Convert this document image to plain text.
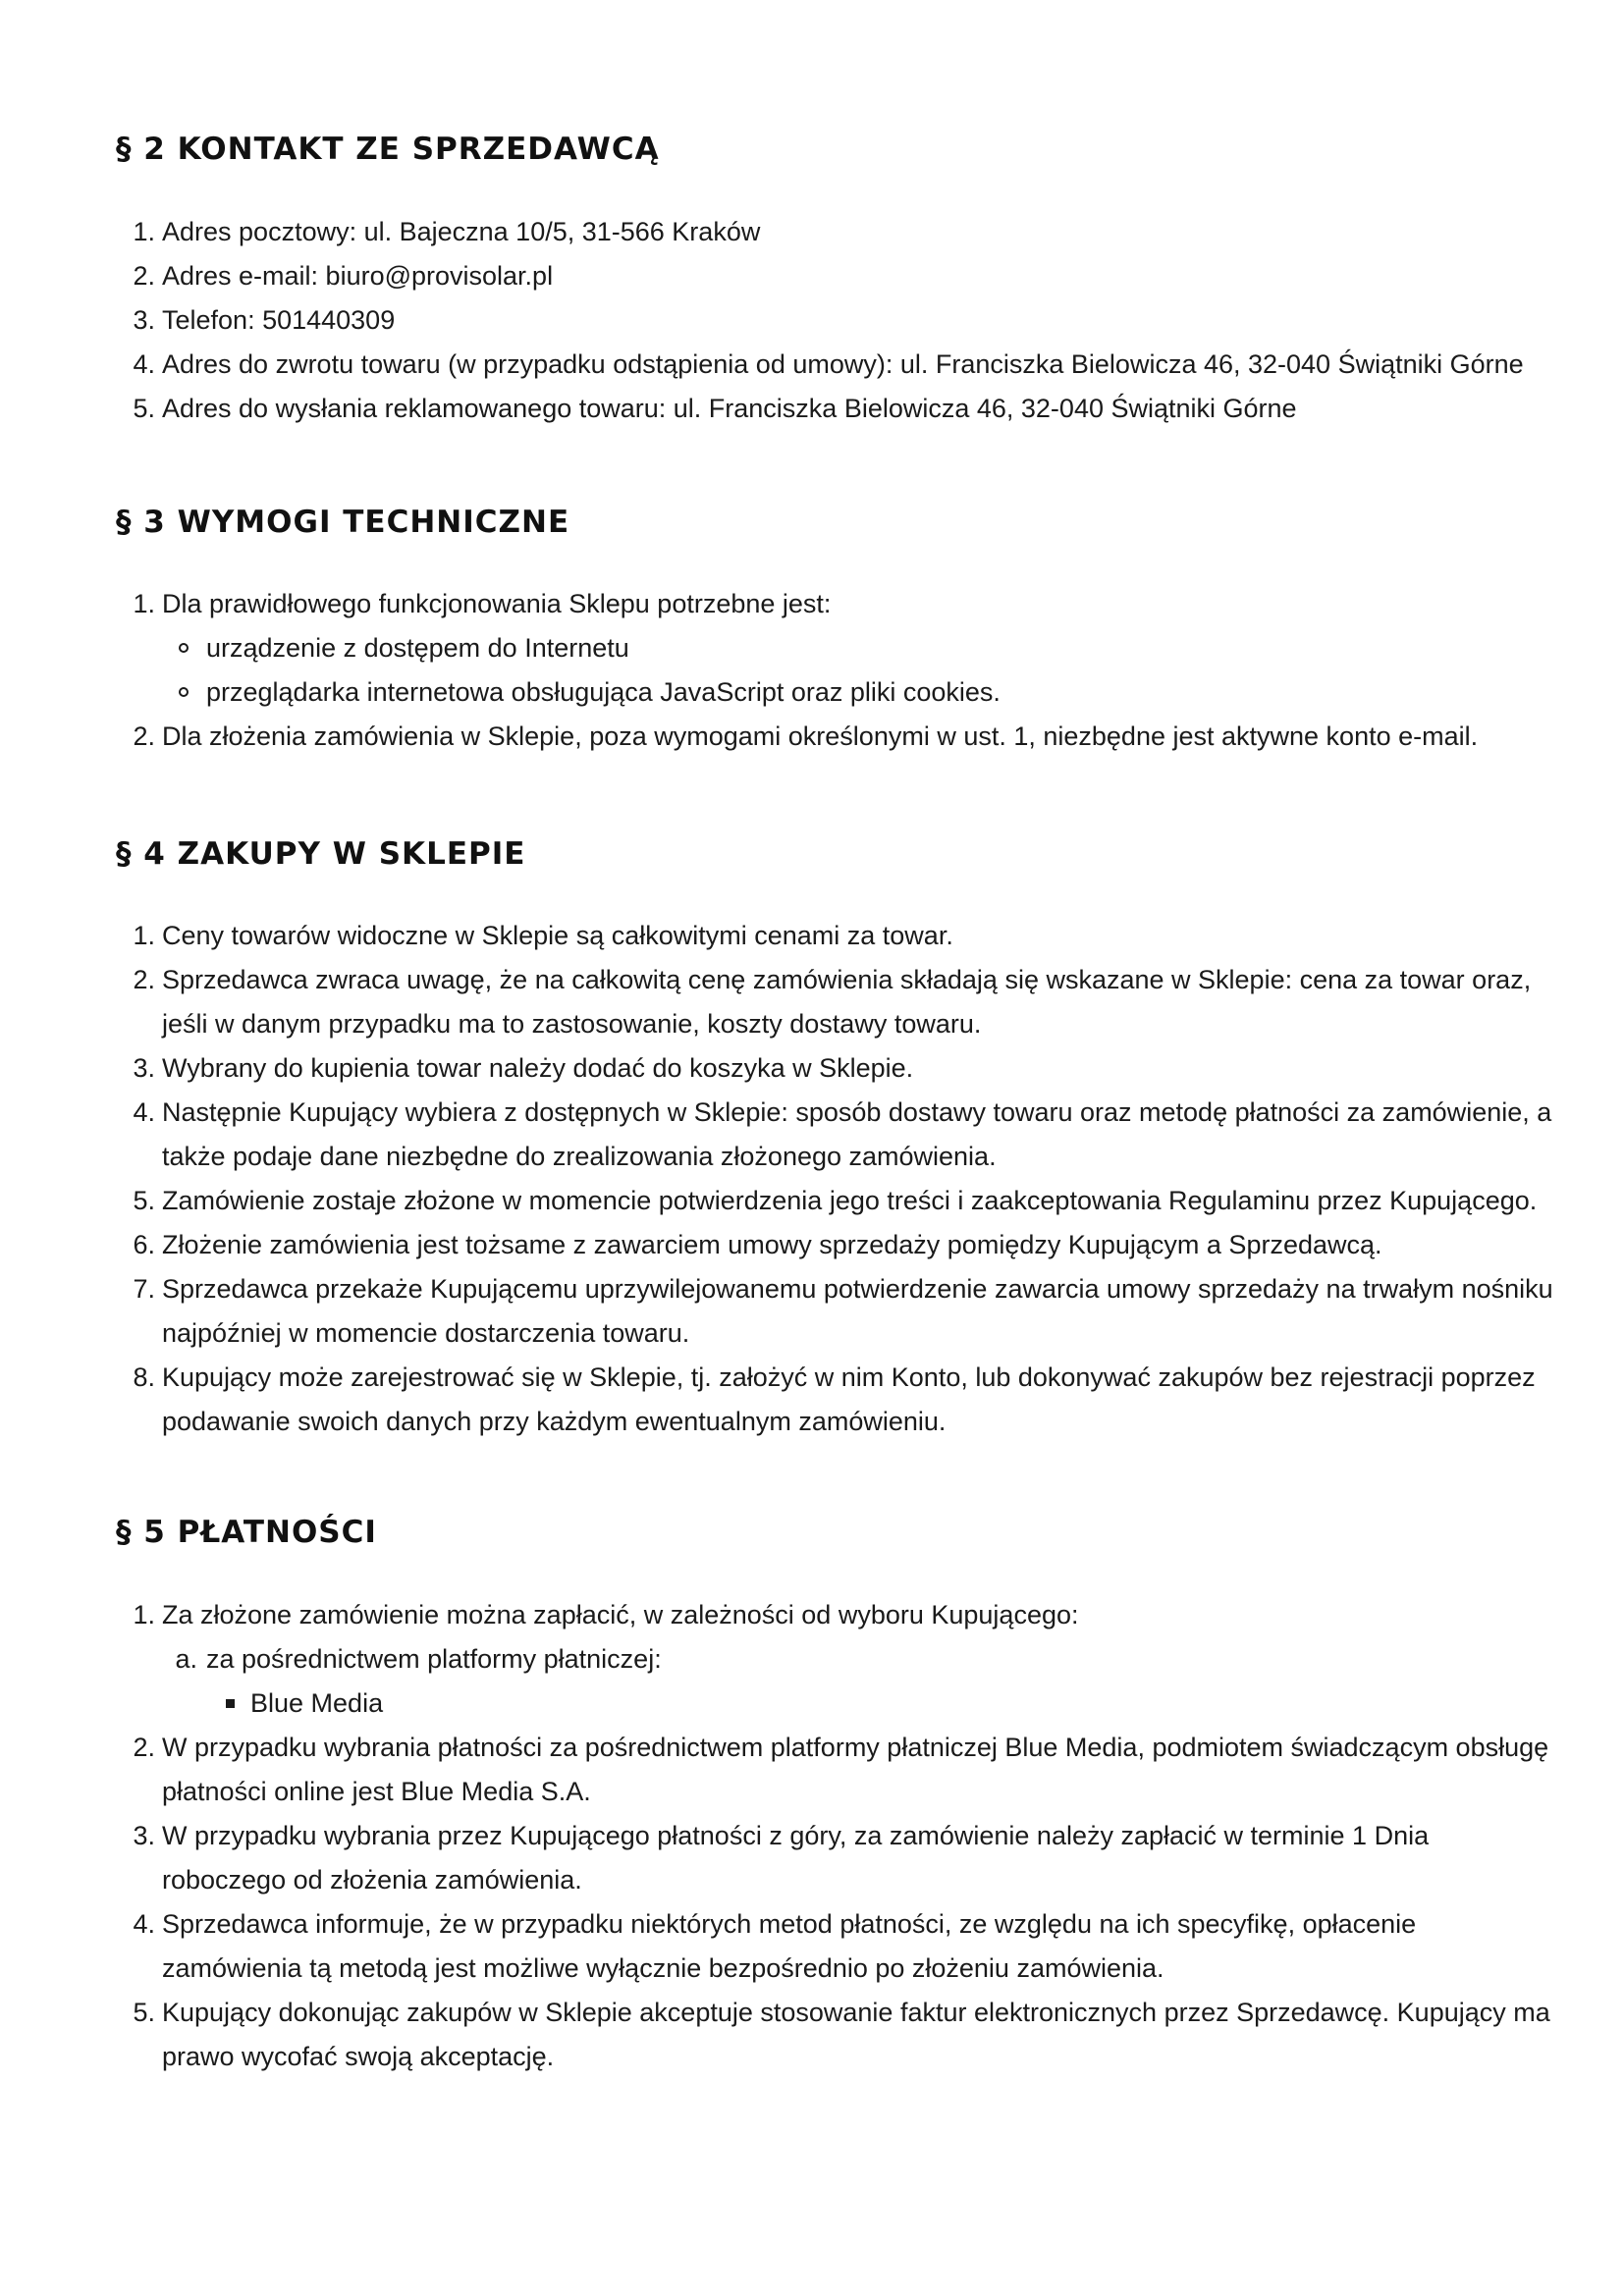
§ 2 KONTAKT ZE SPRZEDAWCĄ
1. Adres pocztowy: ul. Bajeczna 10/5, 31-566 Kraków
2. Adres e-mail: biuro@provisolar.pl
3. Telefon: 501440309
4. Adres do zwrotu towaru (w przypadku odstąpienia od umowy): ul. Franciszka Bielowicza 46, 32-040 Świątniki Górne
5. Adres do wysłania reklamowanego towaru: ul. Franciszka Bielowicza 46, 32-040 Świątniki Górne
§ 3 WYMOGI TECHNICZNE
1. Dla prawidłowego funkcjonowania Sklepu potrzebne jest:
urządzenie z dostępem do Internetu
przeglądarka internetowa obsługująca JavaScript oraz pliki cookies.
2. Dla złożenia zamówienia w Sklepie, poza wymogami określonymi w ust. 1, niezbędne jest aktywne konto e-mail.
§ 4 ZAKUPY W SKLEPIE
1. Ceny towarów widoczne w Sklepie są całkowitymi cenami za towar.
2. Sprzedawca zwraca uwagę, że na całkowitą cenę zamówienia składają się wskazane w Sklepie: cena za towar oraz, jeśli w danym przypadku ma to zastosowanie, koszty dostawy towaru.
3. Wybrany do kupienia towar należy dodać do koszyka w Sklepie.
4. Następnie Kupujący wybiera z dostępnych w Sklepie: sposób dostawy towaru oraz metodę płatności za zamówienie, a także podaje dane niezbędne do zrealizowania złożonego zamówienia.
5. Zamówienie zostaje złożone w momencie potwierdzenia jego treści i zaakceptowania Regulaminu przez Kupującego.
6. Złożenie zamówienia jest tożsame z zawarciem umowy sprzedaży pomiędzy Kupującym a Sprzedawcą.
7. Sprzedawca przekaże Kupującemu uprzywilejowanemu potwierdzenie zawarcia umowy sprzedaży na trwałym nośniku najpóźniej w momencie dostarczenia towaru.
8. Kupujący może zarejestrować się w Sklepie, tj. założyć w nim Konto, lub dokonywać zakupów bez rejestracji poprzez podawanie swoich danych przy każdym ewentualnym zamówieniu.
§ 5 PŁATNOŚCI
1. Za złożone zamówienie można zapłacić, w zależności od wyboru Kupującego:
a. za pośrednictwem platformy płatniczej:
Blue Media
2. W przypadku wybrania płatności za pośrednictwem platformy płatniczej Blue Media, podmiotem świadczącym obsługę płatności online jest Blue Media S.A.
3. W przypadku wybrania przez Kupującego płatności z góry, za zamówienie należy zapłacić w terminie 1 Dnia roboczego od złożenia zamówienia.
4. Sprzedawca informuje, że w przypadku niektórych metod płatności, ze względu na ich specyfikę, opłacenie zamówienia tą metodą jest możliwe wyłącznie bezpośrednio po złożeniu zamówienia.
5. Kupujący dokonując zakupów w Sklepie akceptuje stosowanie faktur elektronicznych przez Sprzedawcę. Kupujący ma prawo wycofać swoją akceptację.
